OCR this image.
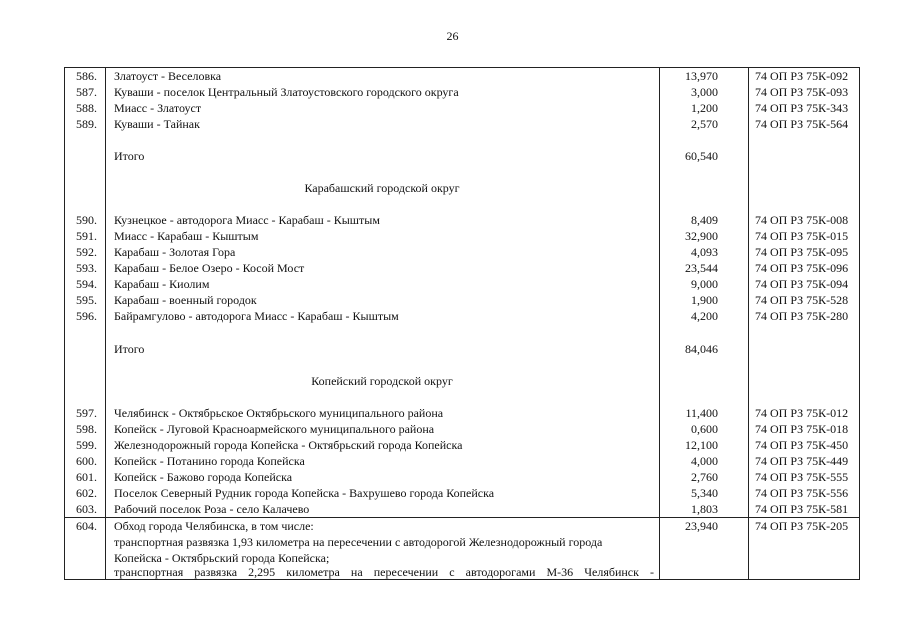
26
586. Златоуст - Веселовка	13,970	74 ОП РЗ 75К-092
587. Куваши - поселок Центральный Златоустовского городского округа	3,000	74 ОП РЗ 75К-093
588. Миасс - Златоуст	1,200	74 ОП РЗ 75К-343
589. Куваши - Тайнак	2,570	74 ОП РЗ 75К-564
Итого	60,540
Карабашский городской округ
590. Кузнецкое - автодорога Миасс - Карабаш - Кыштым	8,409	74 ОП РЗ 75К-008
591. Миасс - Карабаш - Кыштым	32,900	74 ОП РЗ 75К-015
592. Карабаш - Золотая Гора	4,093	74 ОП РЗ 75К-095
593. Карабаш - Белое Озеро - Косой Мост	23,544	74 ОП РЗ 75К-096
594. Карабаш - Киолим	9,000	74 ОП РЗ 75К-094
595. Карабаш - военный городок	1,900	74 ОП РЗ 75К-528
596. Байрамгулово - автодорога Миасс - Карабаш - Кыштым	4,200	74 ОП РЗ 75К-280
Итого	84,046
Копейский городской округ
597. Челябинск - Октябрьское Октябрьского муниципального района	11,400	74 ОП РЗ 75К-012
598. Копейск - Луговой Красноармейского муниципального района	0,600	74 ОП РЗ 75К-018
599. Железнодорожный города Копейска - Октябрьский города Копейска	12,100	74 ОП РЗ 75К-450
600. Копейск - Потанино города Копейска	4,000	74 ОП РЗ 75К-449
601. Копейск - Бажово города Копейска	2,760	74 ОП РЗ 75К-555
602. Поселок Северный Рудник города Копейска - Вахрушево города Копейска	5,340	74 ОП РЗ 75К-556
603. Рабочий поселок Роза - село Калачево	1,803	74 ОП РЗ 75К-581
604. Обход города Челябинска, в том числе:	23,940	74 ОП РЗ 75К-205
транспортная развязка 1,93 километра на пересечении с автодорогой Железнодорожный города
Копейска - Октябрьский города Копейска;
транспортная развязка 2,295 километра на пересечении с автодорогами М-36 Челябинск -
